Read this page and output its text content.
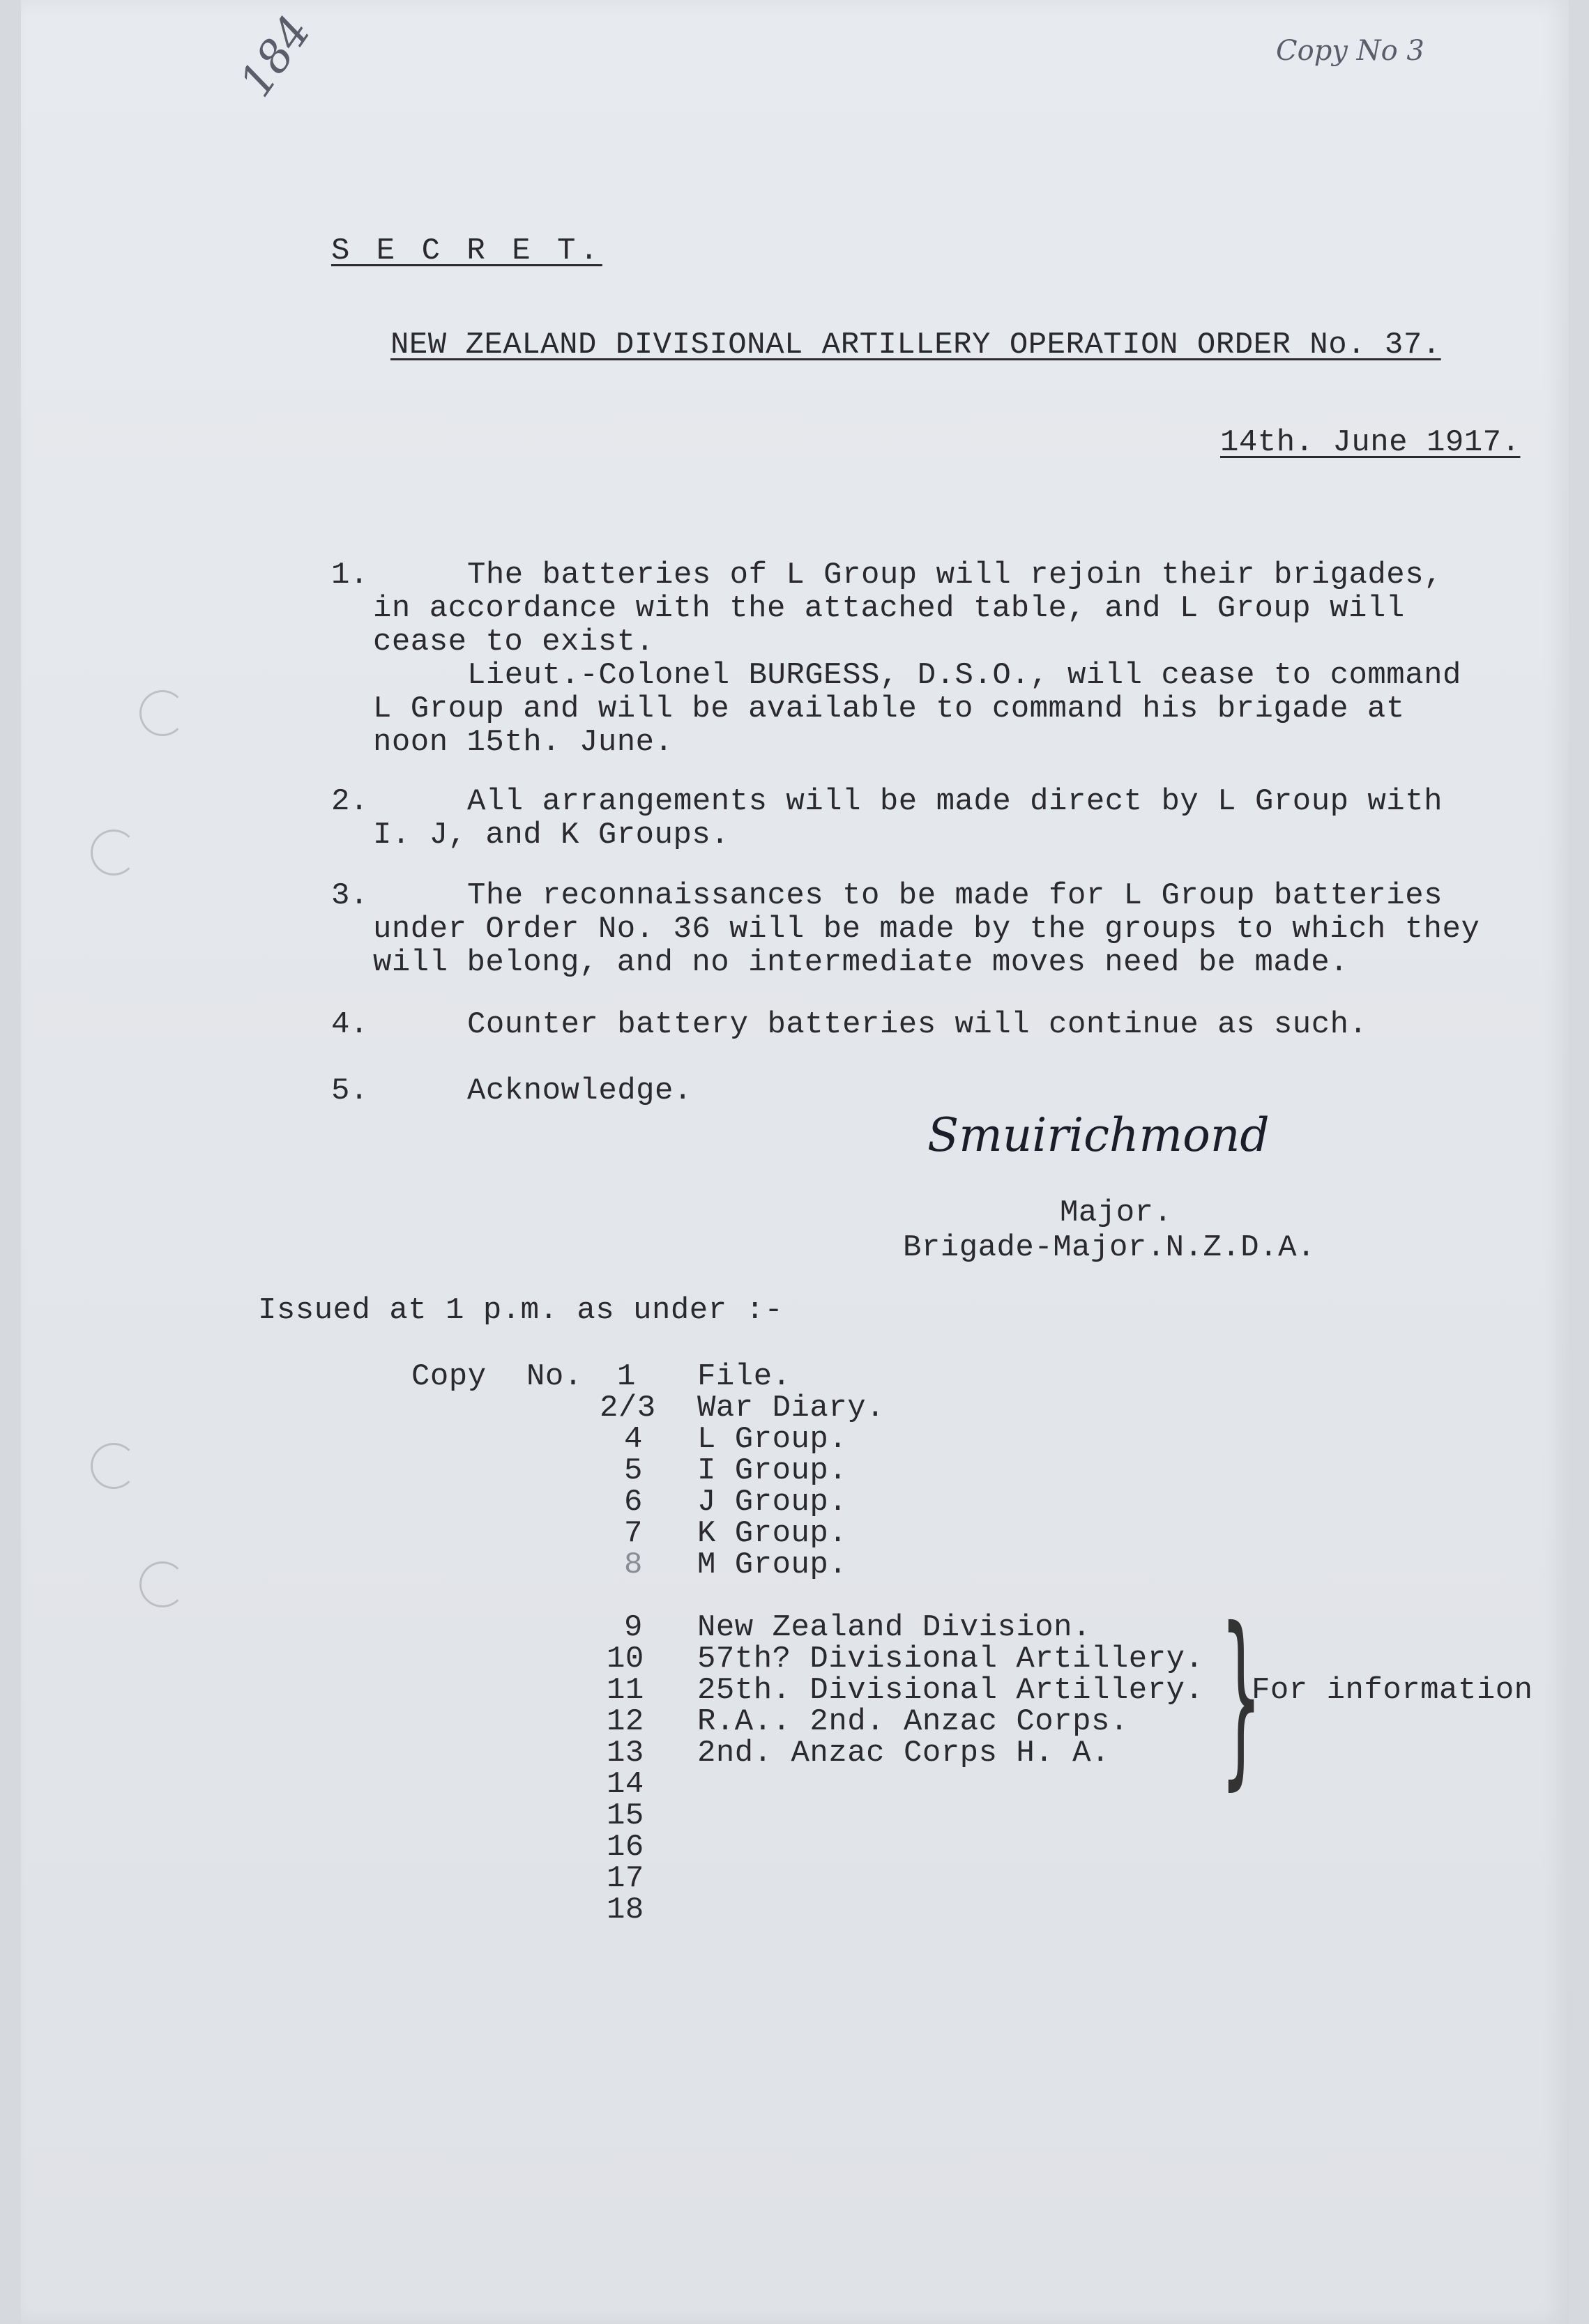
184	Copy No 3
S E C R E T.
NEW ZEALAND DIVISIONAL ARTILLERY OPERATION ORDER No. 37.
14th. June 1917.
1.	The batteries of L Group will rejoin their brigades,
in accordance with the attached table, and L Group will
cease to exist.
Lieut.-Colonel BURGESS, D.S.O., will cease to command
L Group and will be available to command his brigade at
noon 15th. June.
2.	All arrangements will be made direct by L Group with
I. J, and K Groups.
3.	The reconnaissances to be made for L Group batteries
under Order No. 36 will be made by the groups to which they
will belong, and no intermediate moves need be made.
4.	Counter battery batteries will continue as such.
5.	Acknowledge.
Smuirichmond
Major.
Brigade-Major.N.Z.D.A.
Issued at 1 p.m. as under :-
Copy No. 1 File.
2/3 War Diary.
4 L Group.
5 I Group.
6 J Group.
7 K Group.
8 M Group.
9 New Zealand Division.
10 57th? Divisional Artillery.
11 25th. Divisional Artillery.
12 R.A.. 2nd. Anzac Corps.
13 2nd. Anzac Corps H. A.
14
15
16
17
18
}
For information
